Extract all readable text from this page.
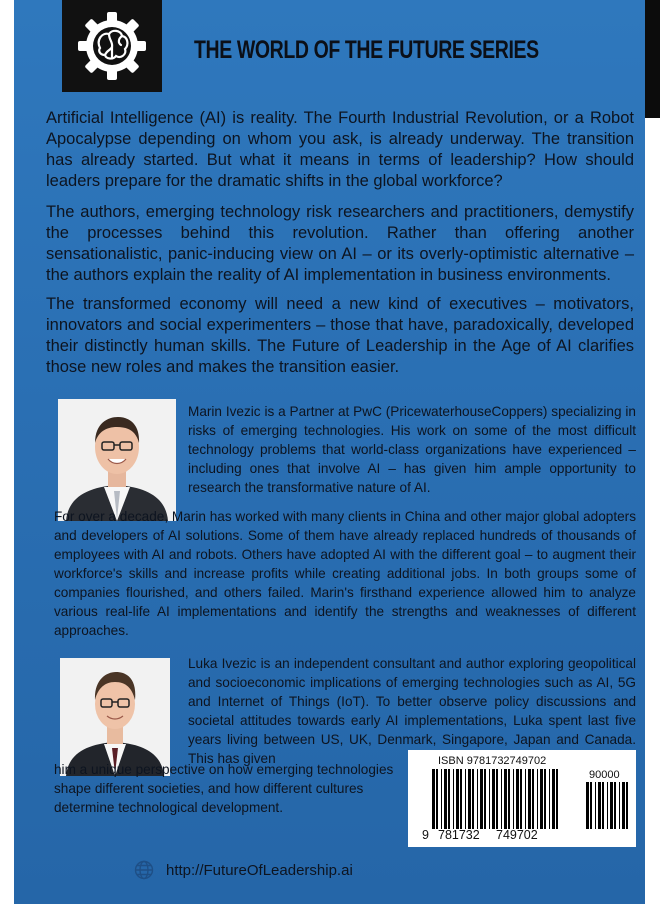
THE WORLD OF THE FUTURE SERIES

Artificial Intelligence (AI) is reality. The Fourth Industrial Revolution, or a Robot Apocalypse depending on whom you ask, is already underway. The transition has already started. But what it means in terms of leadership? How should leaders prepare for the dramatic shifts in the global workforce?

The authors, emerging technology risk researchers and practitioners, demystify the processes behind this revolution. Rather than offering another sensationalistic, panic-inducing view on AI – or its overly-optimistic alternative – the authors explain the reality of AI implementation in business environments.

The transformed economy will need a new kind of executives – motivators, innovators and social experimenters – those that have, paradoxically, developed their distinctly human skills. The Future of Leadership in the Age of AI clarifies those new roles and makes the transition easier.

Marin Ivezic is a Partner at PwC (PricewaterhouseCoppers) specializing in risks of emerging technologies. His work on some of the most difficult technology problems that world-class organizations have experienced – including ones that involve AI – has given him ample opportunity to research the transformative nature of AI.

For over a decade, Marin has worked with many clients in China and other major global adopters and developers of AI solutions. Some of them have already replaced hundreds of thousands of employees with AI and robots. Others have adopted AI with the different goal – to augment their workforce's skills and increase profits while creating additional jobs. In both groups some of companies flourished, and others failed. Marin's firsthand experience allowed him to analyze various real-life AI implementations and identify the strengths and weaknesses of different approaches.

Luka Ivezic is an independent consultant and author exploring geopolitical and socioeconomic implications of emerging technologies such as AI, 5G and Internet of Things (IoT). To better observe policy discussions and societal attitudes towards early AI implementations, Luka spent last five years living between US, UK, Denmark, Singapore, Japan and Canada. This has given

him a unique perspective on how emerging technologies shape different societies, and how different cultures determine technological development.

ISBN 9781732749702
90000
9 781732 749702
http://FutureOfLeadership.ai
